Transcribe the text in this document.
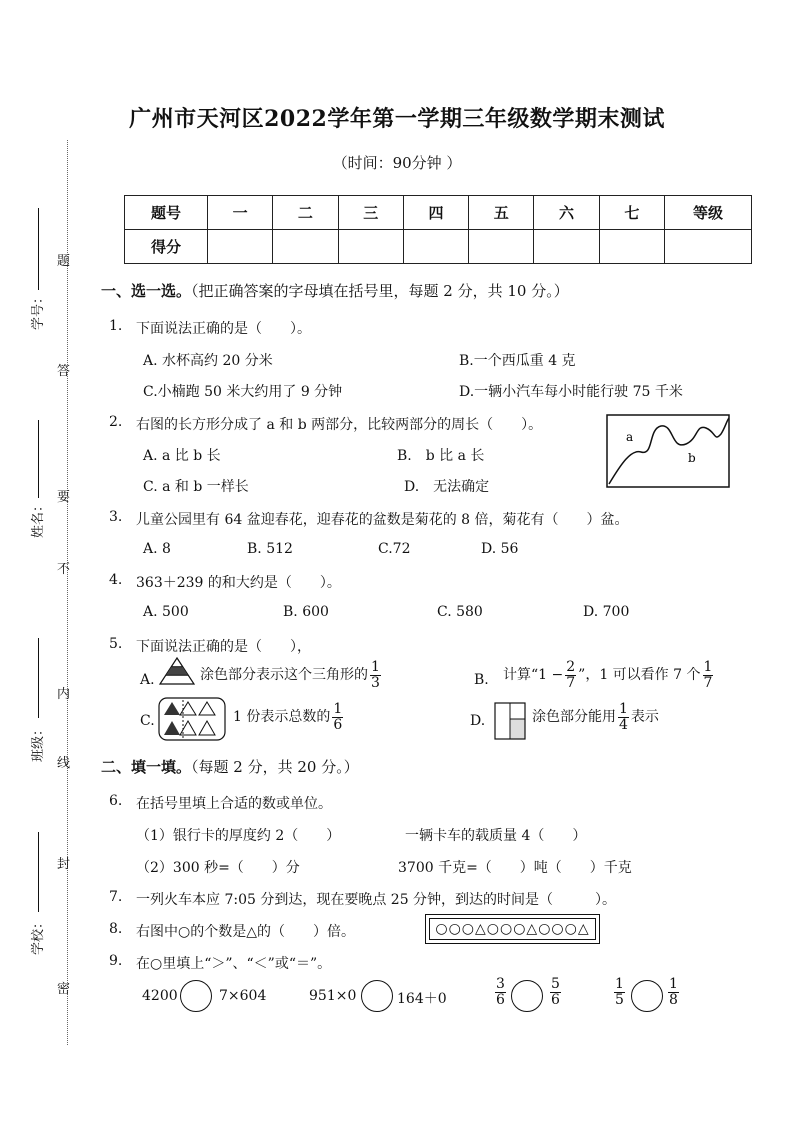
学号：
姓名：
班级：
学校：
题
答
要
不
内
线
封
密
广州市天河区2022学年第一学期三年级数学期末测试
（时间：90分钟 ）
题号	一	二	三	四	五	六	七	等级
得分								
一、选一选。（把正确答案的字母填在括号里，每题 2 分，共 10 分。）
1. 下面说法正确的是（　　）。
A. 水杯高约 20 分米	B.一个西瓜重 4 克
C.小楠跑 50 米大约用了 9 分钟	D.一辆小汽车每小时能行驶 75 千米
2. 右图的长方形分成了 a 和 b 两部分，比较两部分的周长（　　）。
A. a 比 b 长	B.　b 比 a 长
C. a 和 b 一样长	D.　无法确定
a
b
3. 儿童公园里有 64 盆迎春花，迎春花的盆数是菊花的 8 倍，菊花有（　　）盆。
A. 8	B. 512	C.72	D. 56
4. 363＋239 的和大约是（　　）。
A. 500	B. 600	C. 580	D. 700
5. 下面说法正确的是（　　），
A.	涂色部分表示这个三角形的 $\frac{1}{3}$	B. 计算“$1 - \frac{2}{7}$ ”，1 可以看作 7 个 $\frac{1}{7}$
C.	1 份表示总数的 $\frac{1}{6}$	D.	涂色部分能用 $\frac{1}{4}$ 表示
二、填一填。（每题 2 分，共 20 分。）
6. 在括号里填上合适的数或单位。
（1）银行卡的厚度约 2（　　）	一辆卡车的载质量 4（　　）
（2）300 秒=（　　）分	3700 千克=（　　）吨（　　）千克
7. 一列火车本应 7:05 分到达，现在要晚点 25 分钟，到达的时间是（　　　）。
8. 右图中○的个数是△的（　　）倍。	○○○△○○○△○○○△
9. 在○里填上“＞”、“＜”或“＝”。
4200	7×604	951×0	164＋0	$\frac{3}{6}$	$\frac{5}{6}$	$\frac{1}{5}$	$\frac{1}{8}$
